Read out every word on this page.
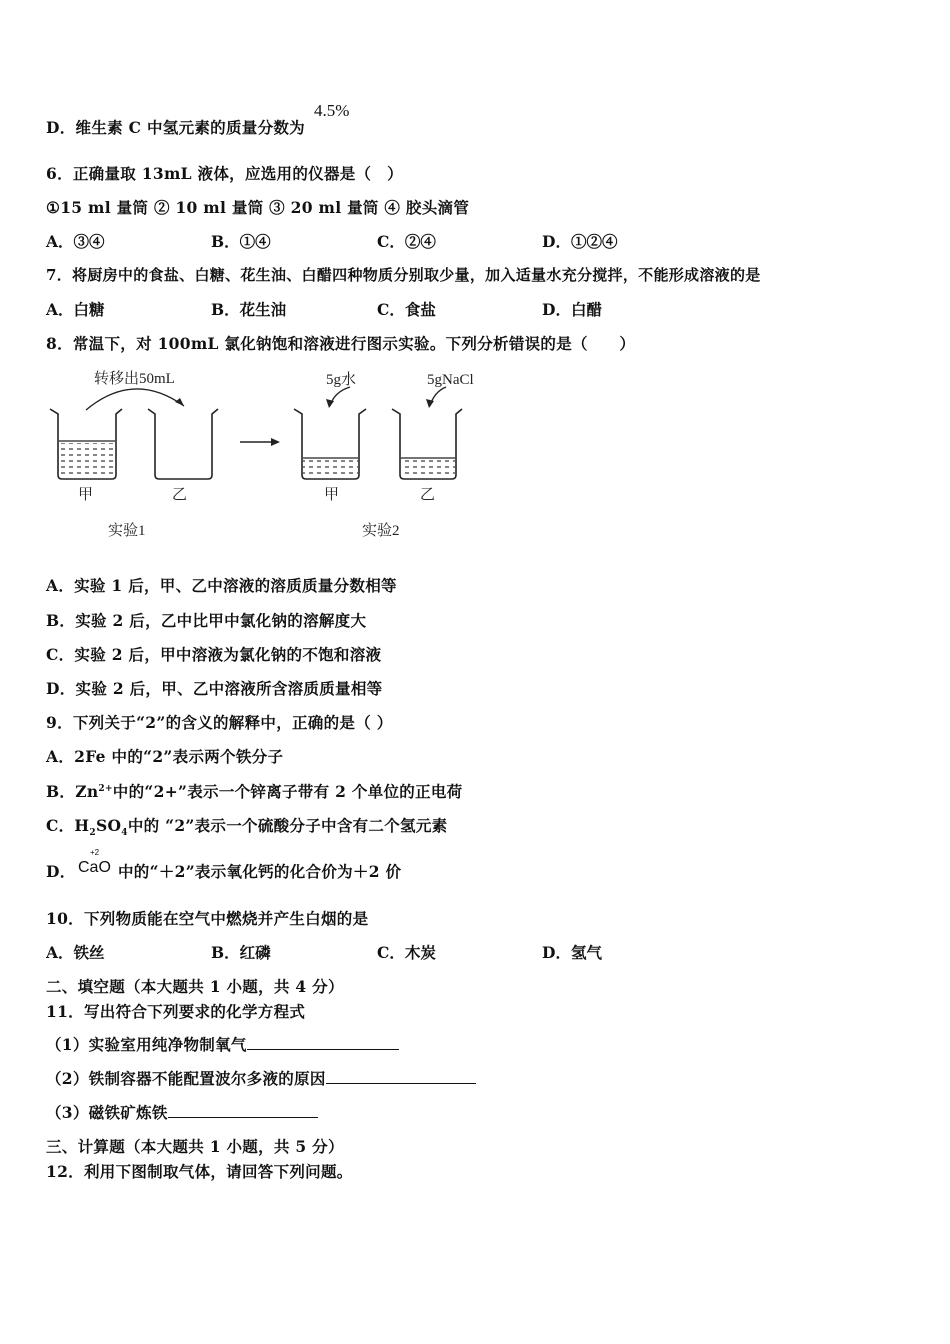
D．维生素 C 中氢元素的质量分数为
4.5%
6．正确量取 13mL 液体，应选用的仪器是（　）
①15 ml 量筒 ② 10 ml 量筒 ③ 20 ml 量筒 ④ 胶头滴管
A．③④	B．①④	C．②④	D．①②④
7．将厨房中的食盐、白糖、花生油、白醋四种物质分别取少量，加入适量水充分搅拌，不能形成溶液的是
A．白糖	B．花生油	C．食盐	D．白醋
8．常温下，对 100mL 氯化钠饱和溶液进行图示实验。下列分析错误的是（　　）
转移出50mL	5g水	5gNaCl
甲	乙	甲	乙
实验1	实验2
A．实验 1 后，甲、乙中溶液的溶质质量分数相等
B．实验 2 后，乙中比甲中氯化钠的溶解度大
C．实验 2 后，甲中溶液为氯化钠的不饱和溶液
D．实验 2 后，甲、乙中溶液所含溶质质量相等
9．下列关于“2”的含义的解释中，正确的是（ ）
A．2Fe 中的“2”表示两个铁分子
B．$Zn^{2+}$中的“2+”表示一个锌离子带有 2 个单位的正电荷
C．$H_2SO_4$中的 “2”表示一个硫酸分子中含有二个氢元素
D．
+2
CaO 中的“＋2”表示氧化钙的化合价为＋2 价
10．下列物质能在空气中燃烧并产生白烟的是
A．铁丝	B．红磷	C．木炭	D．氢气
二、填空题（本大题共 1 小题，共 4 分）
11．写出符合下列要求的化学方程式
（1）实验室用纯净物制氧气
（2）铁制容器不能配置波尔多液的原因
（3）磁铁矿炼铁
三、计算题（本大题共 1 小题，共 5 分）
12．利用下图制取气体，请回答下列问题。
